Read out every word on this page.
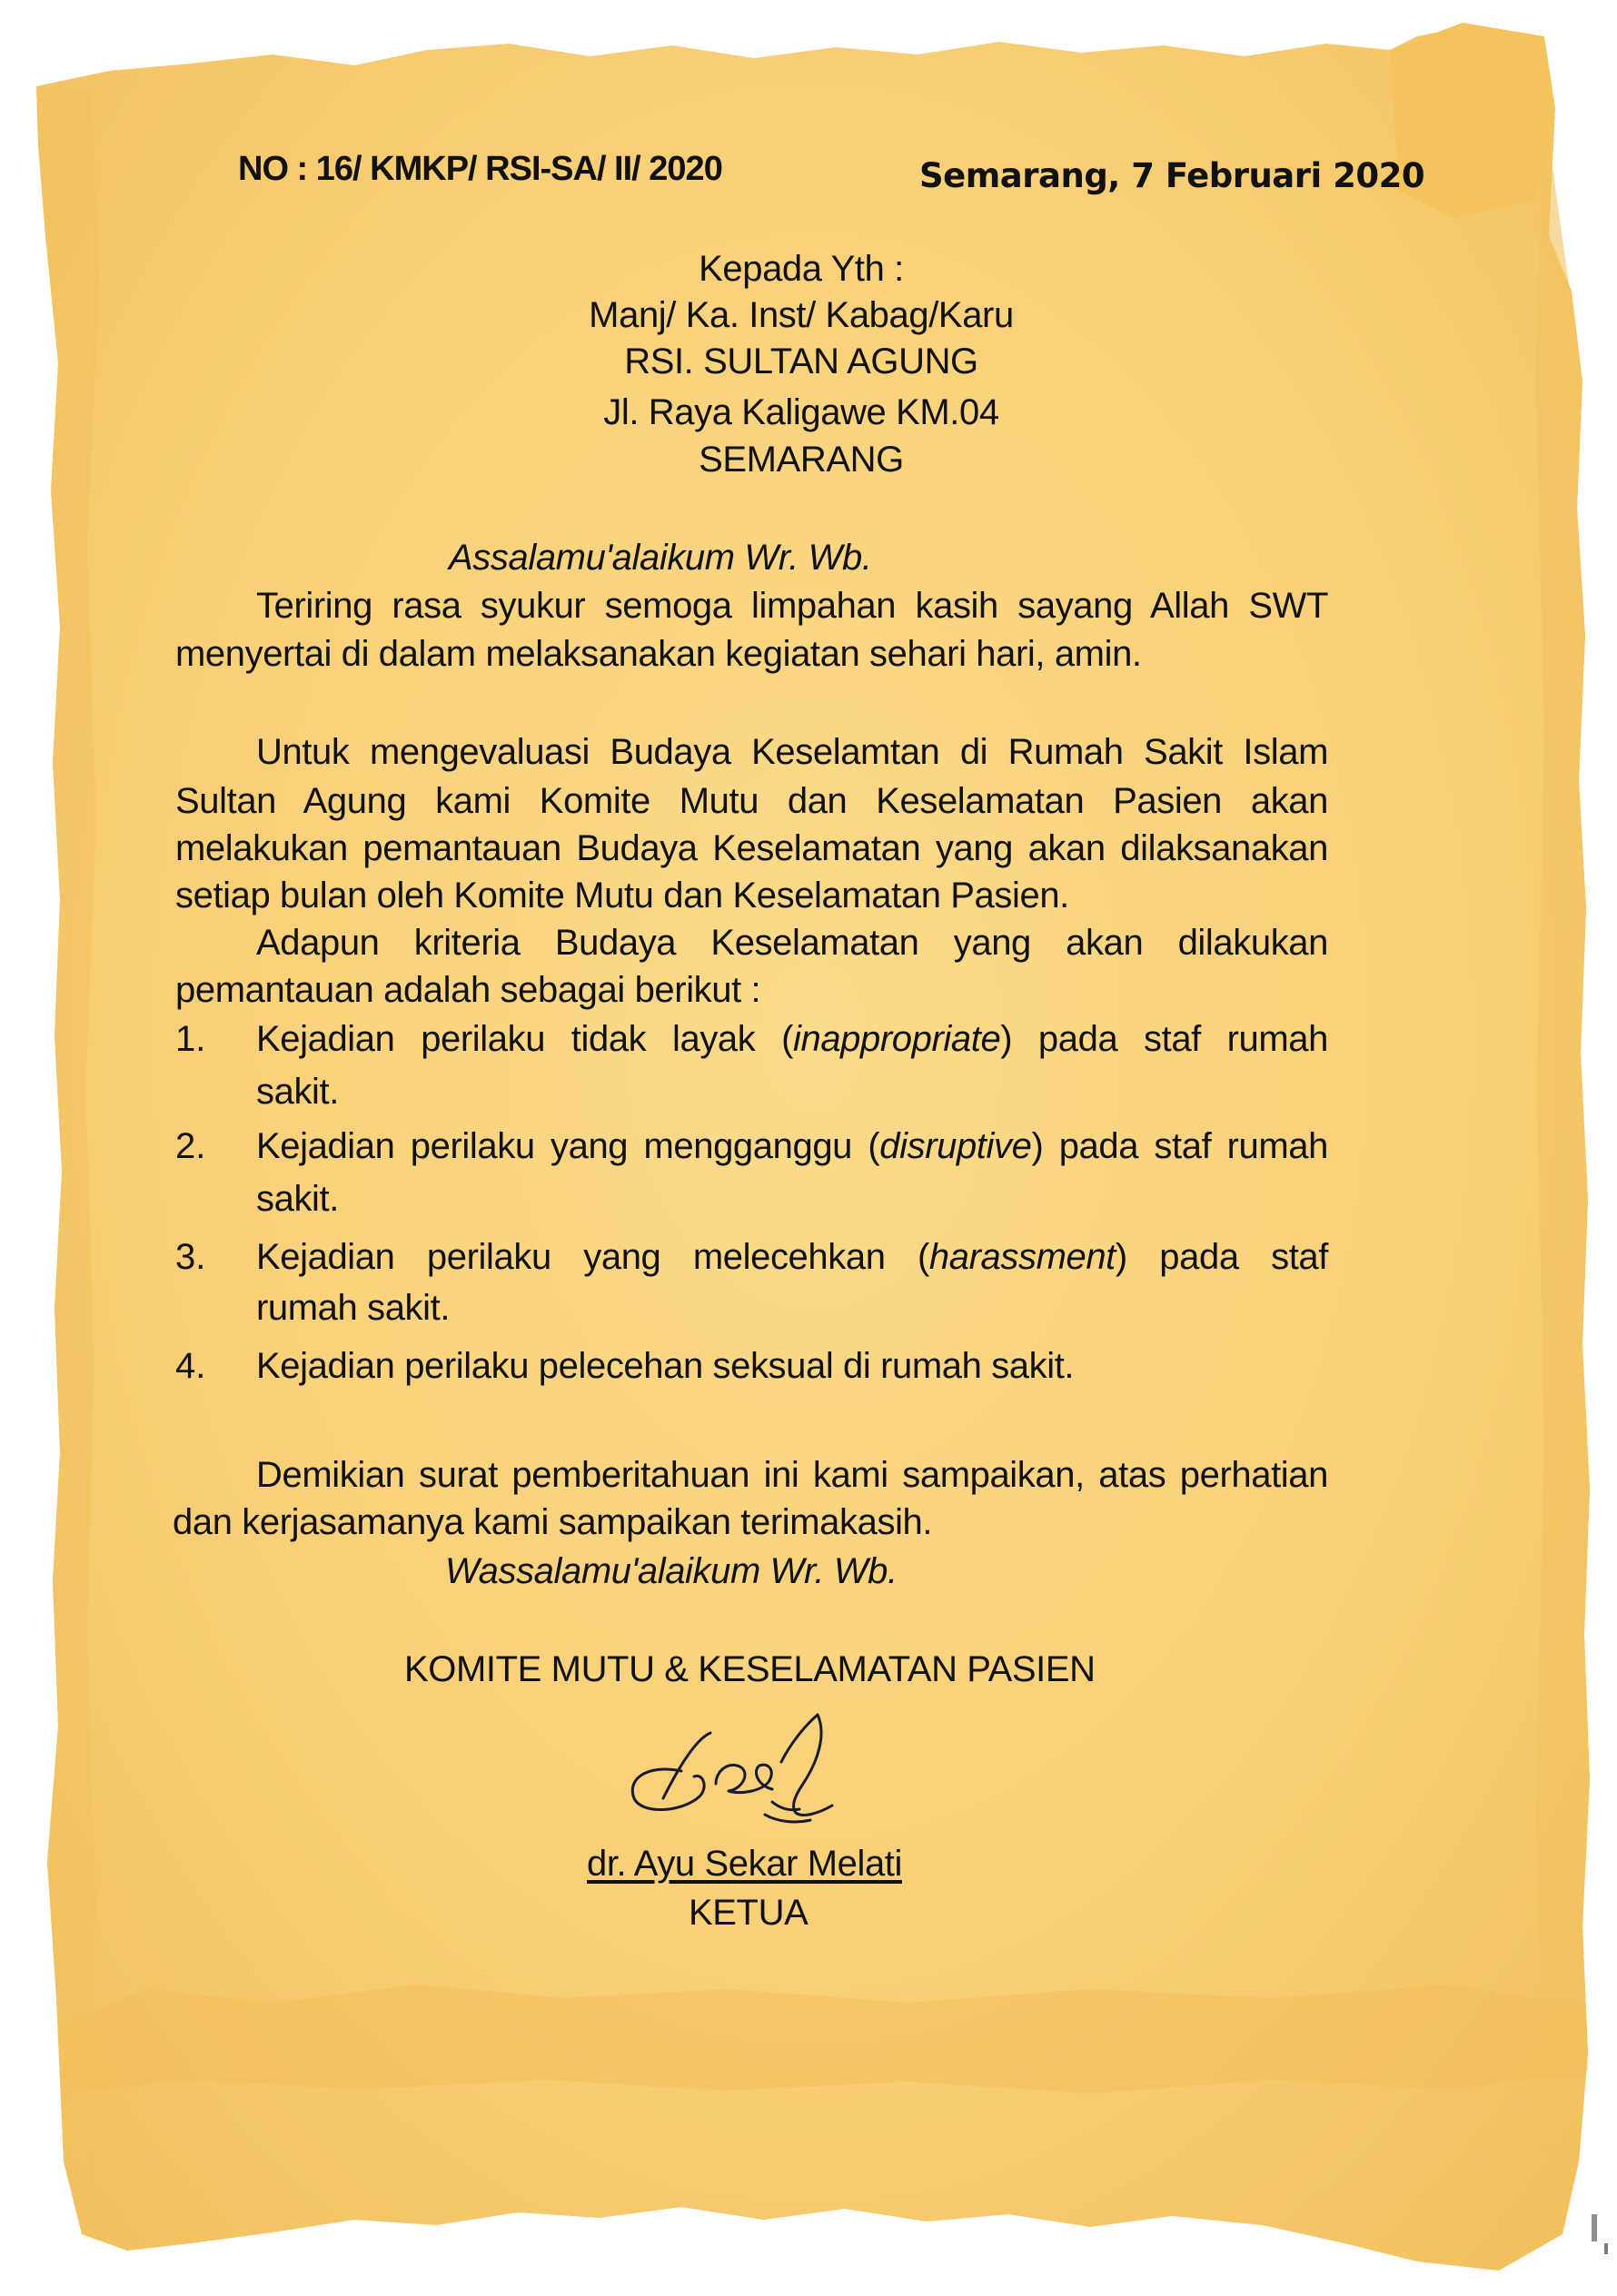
NO : 16/ KMKP/ RSI-SA/ II/ 2020	Semarang, 7 Februari 2020
Kepada Yth :
Manj/ Ka. Inst/ Kabag/Karu
RSI. SULTAN AGUNG
Jl. Raya Kaligawe KM.04
SEMARANG
Assalamu'alaikum Wr. Wb.
Teriring rasa syukur semoga limpahan kasih sayang Allah SWT
menyertai di dalam melaksanakan kegiatan sehari hari, amin.
Untuk mengevaluasi Budaya Keselamtan di Rumah Sakit Islam
Sultan Agung kami Komite Mutu dan Keselamatan Pasien akan
melakukan pemantauan Budaya Keselamatan yang akan dilaksanakan
setiap bulan oleh Komite Mutu dan Keselamatan Pasien.
Adapun kriteria Budaya Keselamatan yang akan dilakukan
pemantauan adalah sebagai berikut :
1. Kejadian perilaku tidak layak (inappropriate) pada staf rumah
sakit.
2. Kejadian perilaku yang mengganggu (disruptive) pada staf rumah
sakit.
3. Kejadian perilaku yang melecehkan (harassment) pada staf
rumah sakit.
4. Kejadian perilaku pelecehan seksual di rumah sakit.
Demikian surat pemberitahuan ini kami sampaikan, atas perhatian
dan kerjasamanya kami sampaikan terimakasih.
Wassalamu'alaikum Wr. Wb.
KOMITE MUTU & KESELAMATAN PASIEN
dr. Ayu Sekar Melati
KETUA
